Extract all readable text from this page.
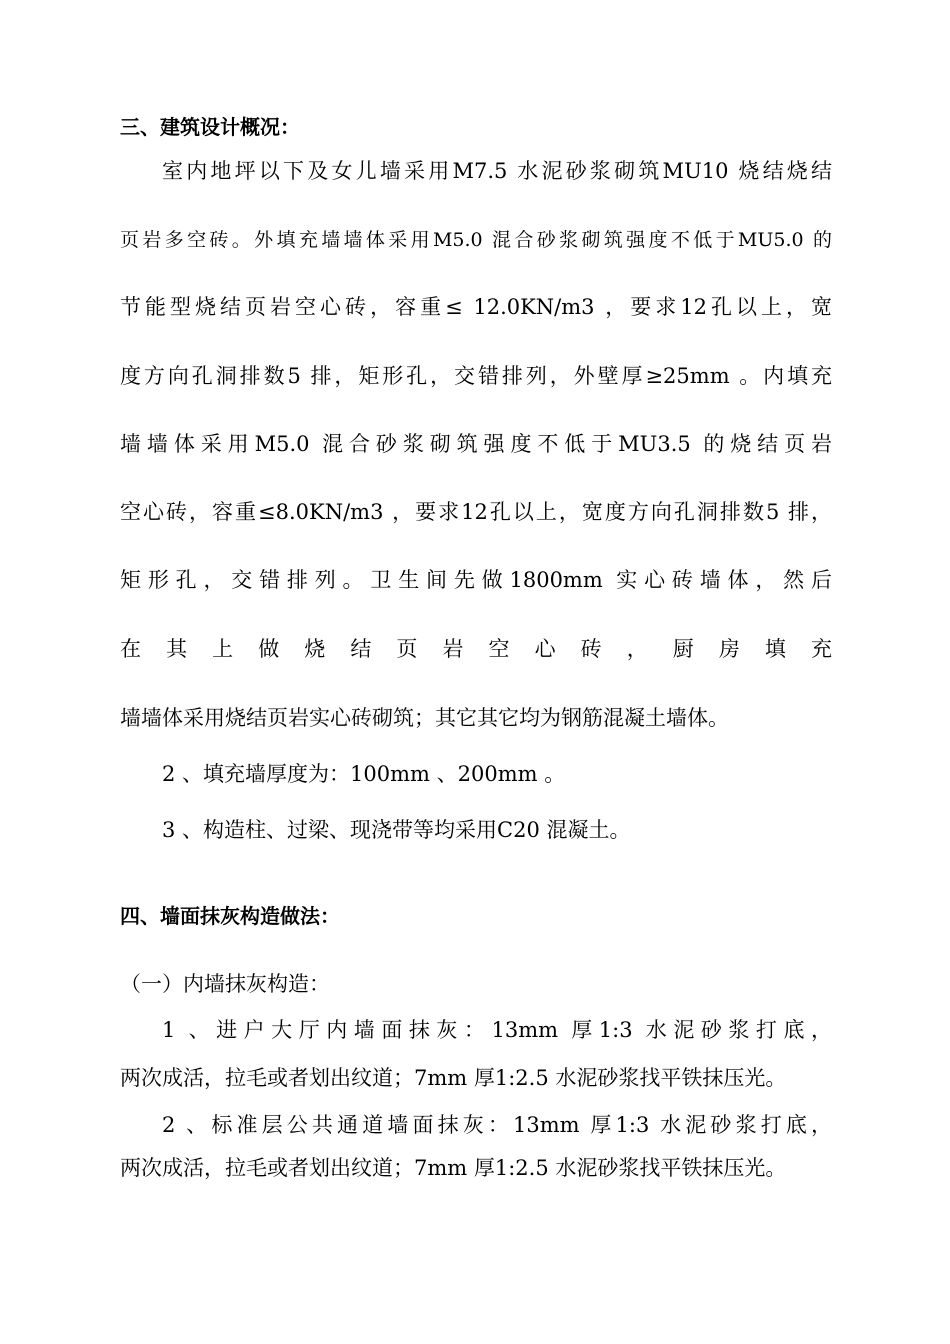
三、建筑设计概况：
室内地坪以下及女儿墙采用M7.5 水泥砂浆砌筑MU10 烧结烧结
页岩多空砖。外填充墙墙体采用M5.0 混合砂浆砌筑强度不低于MU5.0 的
节能型烧结页岩空心砖，容重≤ 12.0KN/m3 ，要求12孔以上，宽
度方向孔洞排数5 排，矩形孔，交错排列，外壁厚≥25mm 。内填充
墙墙体采用M5.0 混合砂浆砌筑强度不低于MU3.5 的烧结页岩
空心砖，容重≤8.0KN/m3 ，要求12孔以上，宽度方向孔洞排数5 排，
矩形孔，交错排列。卫生间先做1800mm 实心砖墙体，然后
在其上做烧结页岩空心砖，厨房填充
墙墙体采用烧结页岩实心砖砌筑；其它其它均为钢筋混凝土墙体。
2 、填充墙厚度为：100mm 、200mm 。
3 、构造柱、过梁、现浇带等均采用C20 混凝土。
四、墙面抹灰构造做法：
（一）内墙抹灰构造：
1 、进户大厅内墙面抹灰：13mm 厚1:3 水泥砂浆打底，
两次成活，拉毛或者划出纹道；7mm 厚1:2.5 水泥砂浆找平铁抹压光。
2 、标准层公共通道墙面抹灰：13mm 厚1:3 水泥砂浆打底，
两次成活，拉毛或者划出纹道；7mm 厚1:2.5 水泥砂浆找平铁抹压光。
